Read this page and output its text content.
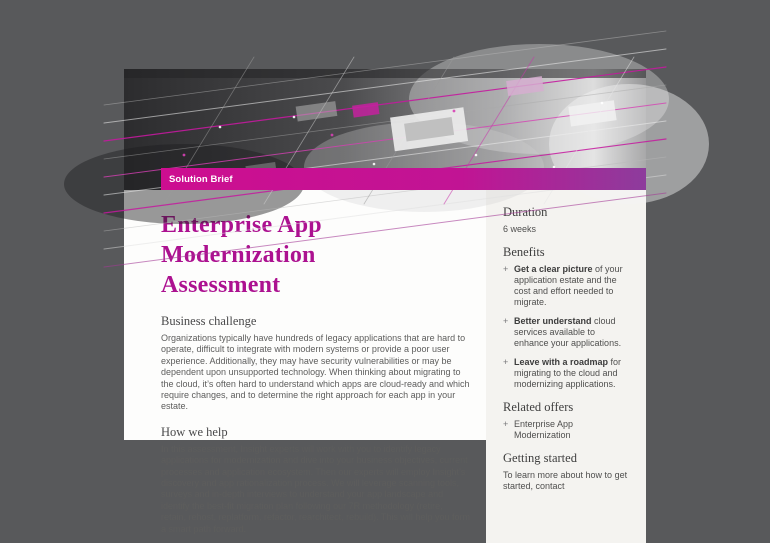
Solution Brief
Enterprise App Modernization
Assessment
Business challenge

Organizations typically have hundreds of legacy applications that are hard to operate, difficult to integrate with modern systems or provide a poor user experience. Additionally, they may have security vulnerabilities or may be dependent upon unsupported technology. When thinking about migrating to the cloud, it’s often hard to understand which apps are cloud-ready and which require changes, and to determine the right approach for each app in your estate.

How we help

In this assessment, Insight experts will work with you to identify legacy applications for modernization and dive into your business objectives, current processes and application ecosystem. Then our experts will employ Insight’s discovery and app rationalization process. We will leverage scanning tools, surveys and in-depth interviews to understand your app landscape and identify the best-fit migration plan following our 7R methodology (retire, retain, rehost, replatform, refactor, rearchitect, rebuild). This will help you form a smart path forward.

Duration

6 weeks

Benefits
+ Get a clear picture of your application estate and the cost and effort needed to migrate.
+ Better understand cloud services available to enhance your applications.
+ Leave with a roadmap for migrating to the cloud and modernizing applications.
Related offers
+ Enterprise App Modernization
Getting started

To learn more about how to get started, contact
